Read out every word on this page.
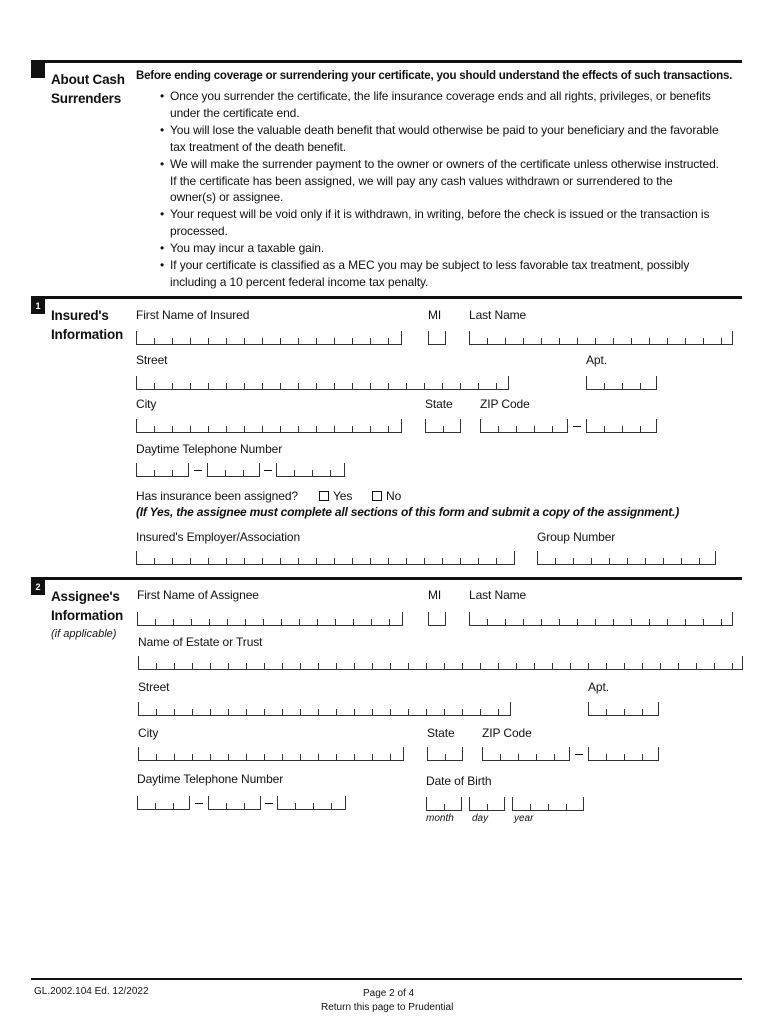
About Cash
Surrenders
Before ending coverage or surrendering your certificate, you should understand the effects of such transactions.
• Once you surrender the certificate, the life insurance coverage ends and all rights, privileges, or benefits under the certificate end.
• You will lose the valuable death benefit that would otherwise be paid to your beneficiary and the favorable tax treatment of the death benefit.
• We will make the surrender payment to the owner or owners of the certificate unless otherwise instructed. If the certificate has been assigned, we will pay any cash values withdrawn or surrendered to the owner(s) or assignee.
• Your request will be void only if it is withdrawn, in writing, before the check is issued or the transaction is processed.
• You may incur a taxable gain.
• If your certificate is classified as a MEC you may be subject to less favorable tax treatment, possibly including a 10 percent federal income tax penalty.
1
Insured's
Information
First Name of Insured	MI Last Name
Street	Apt.
City	State ZIP Code
Daytime Telephone Number
Has insurance been assigned?	Yes	No
(If Yes, the assignee must complete all sections of this form and submit a copy of the assignment.)
Insured's Employer/Association	Group Number
2
Assignee's
Information
(if applicable)
First Name of Assignee	MI Last Name
Name of Estate or Trust
Street	Apt.
City	State ZIP Code
Daytime Telephone Number	Date of Birth
month day	year
GL.2002.104 Ed. 12/2022	Page 2 of 4
Return this page to Prudential
